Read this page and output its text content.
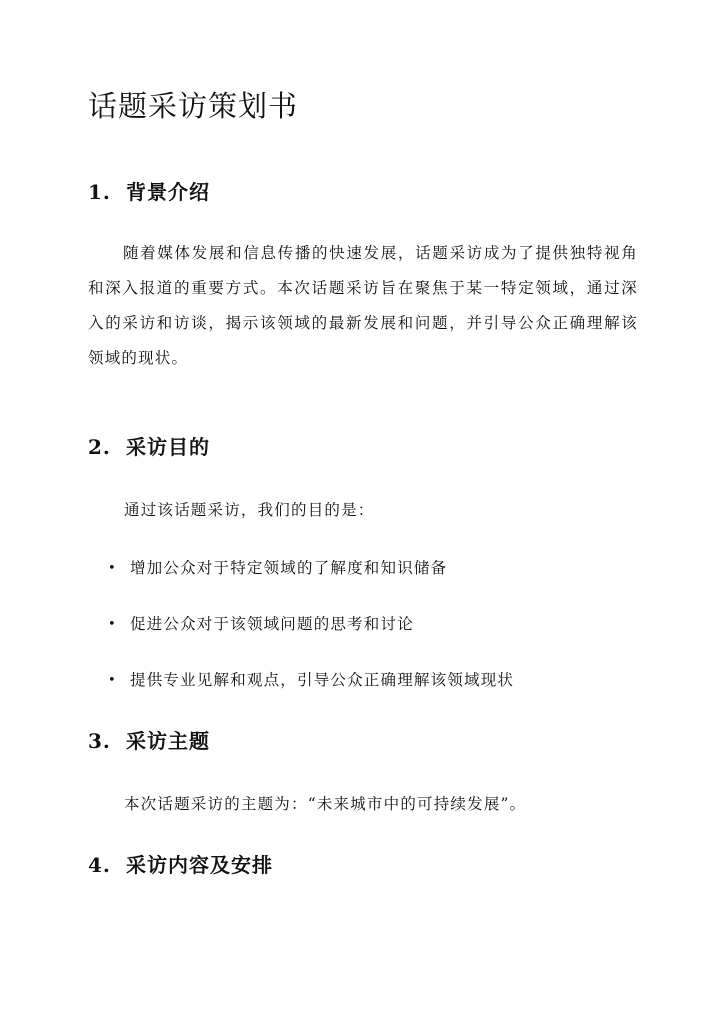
话题采访策划书
1. 背景介绍

随着媒体发展和信息传播的快速发展，话题采访成为了提供独特视角和深入报道的重要方式。本次话题采访旨在聚焦于某一特定领域，通过深入的采访和访谈，揭示该领域的最新发展和问题，并引导公众正确理解该领域的现状。

2. 采访目的

通过该话题采访，我们的目的是：

• 增加公众对于特定领域的了解度和知识储备
• 促进公众对于该领域问题的思考和讨论
• 提供专业见解和观点，引导公众正确理解该领域现状
3. 采访主题

本次话题采访的主题为：“未来城市中的可持续发展”。

4. 采访内容及安排
